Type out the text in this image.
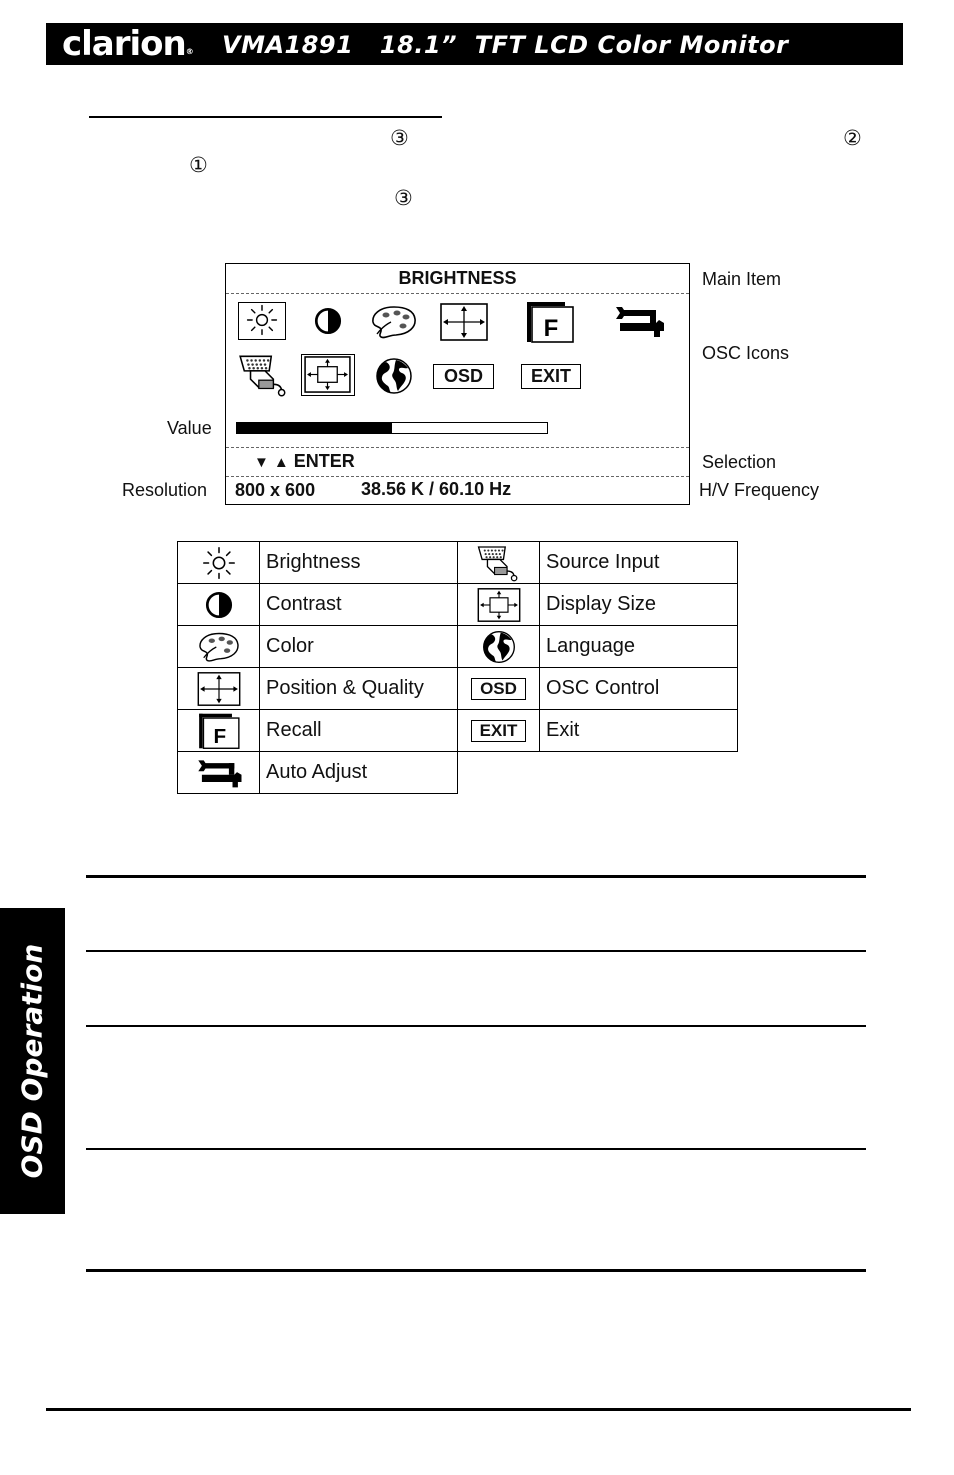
clarion® VMA1891   18.1”  TFT LCD Color Monitor
③	②
①
③
BRIGHTNESS
OSD	EXIT
▼ ▲ ENTER
800 x 600	38.56 K / 60.10 Hz
Main Item
OSC Icons
Value
Selection
Resolution	H/V Frequency
	Brightness		Source Input
	Contrast		Display Size
	Color		Language
	Position & Quality	OSD	OSC Control
	Recall	EXIT	Exit
	Auto Adjust		
OSD Operation
